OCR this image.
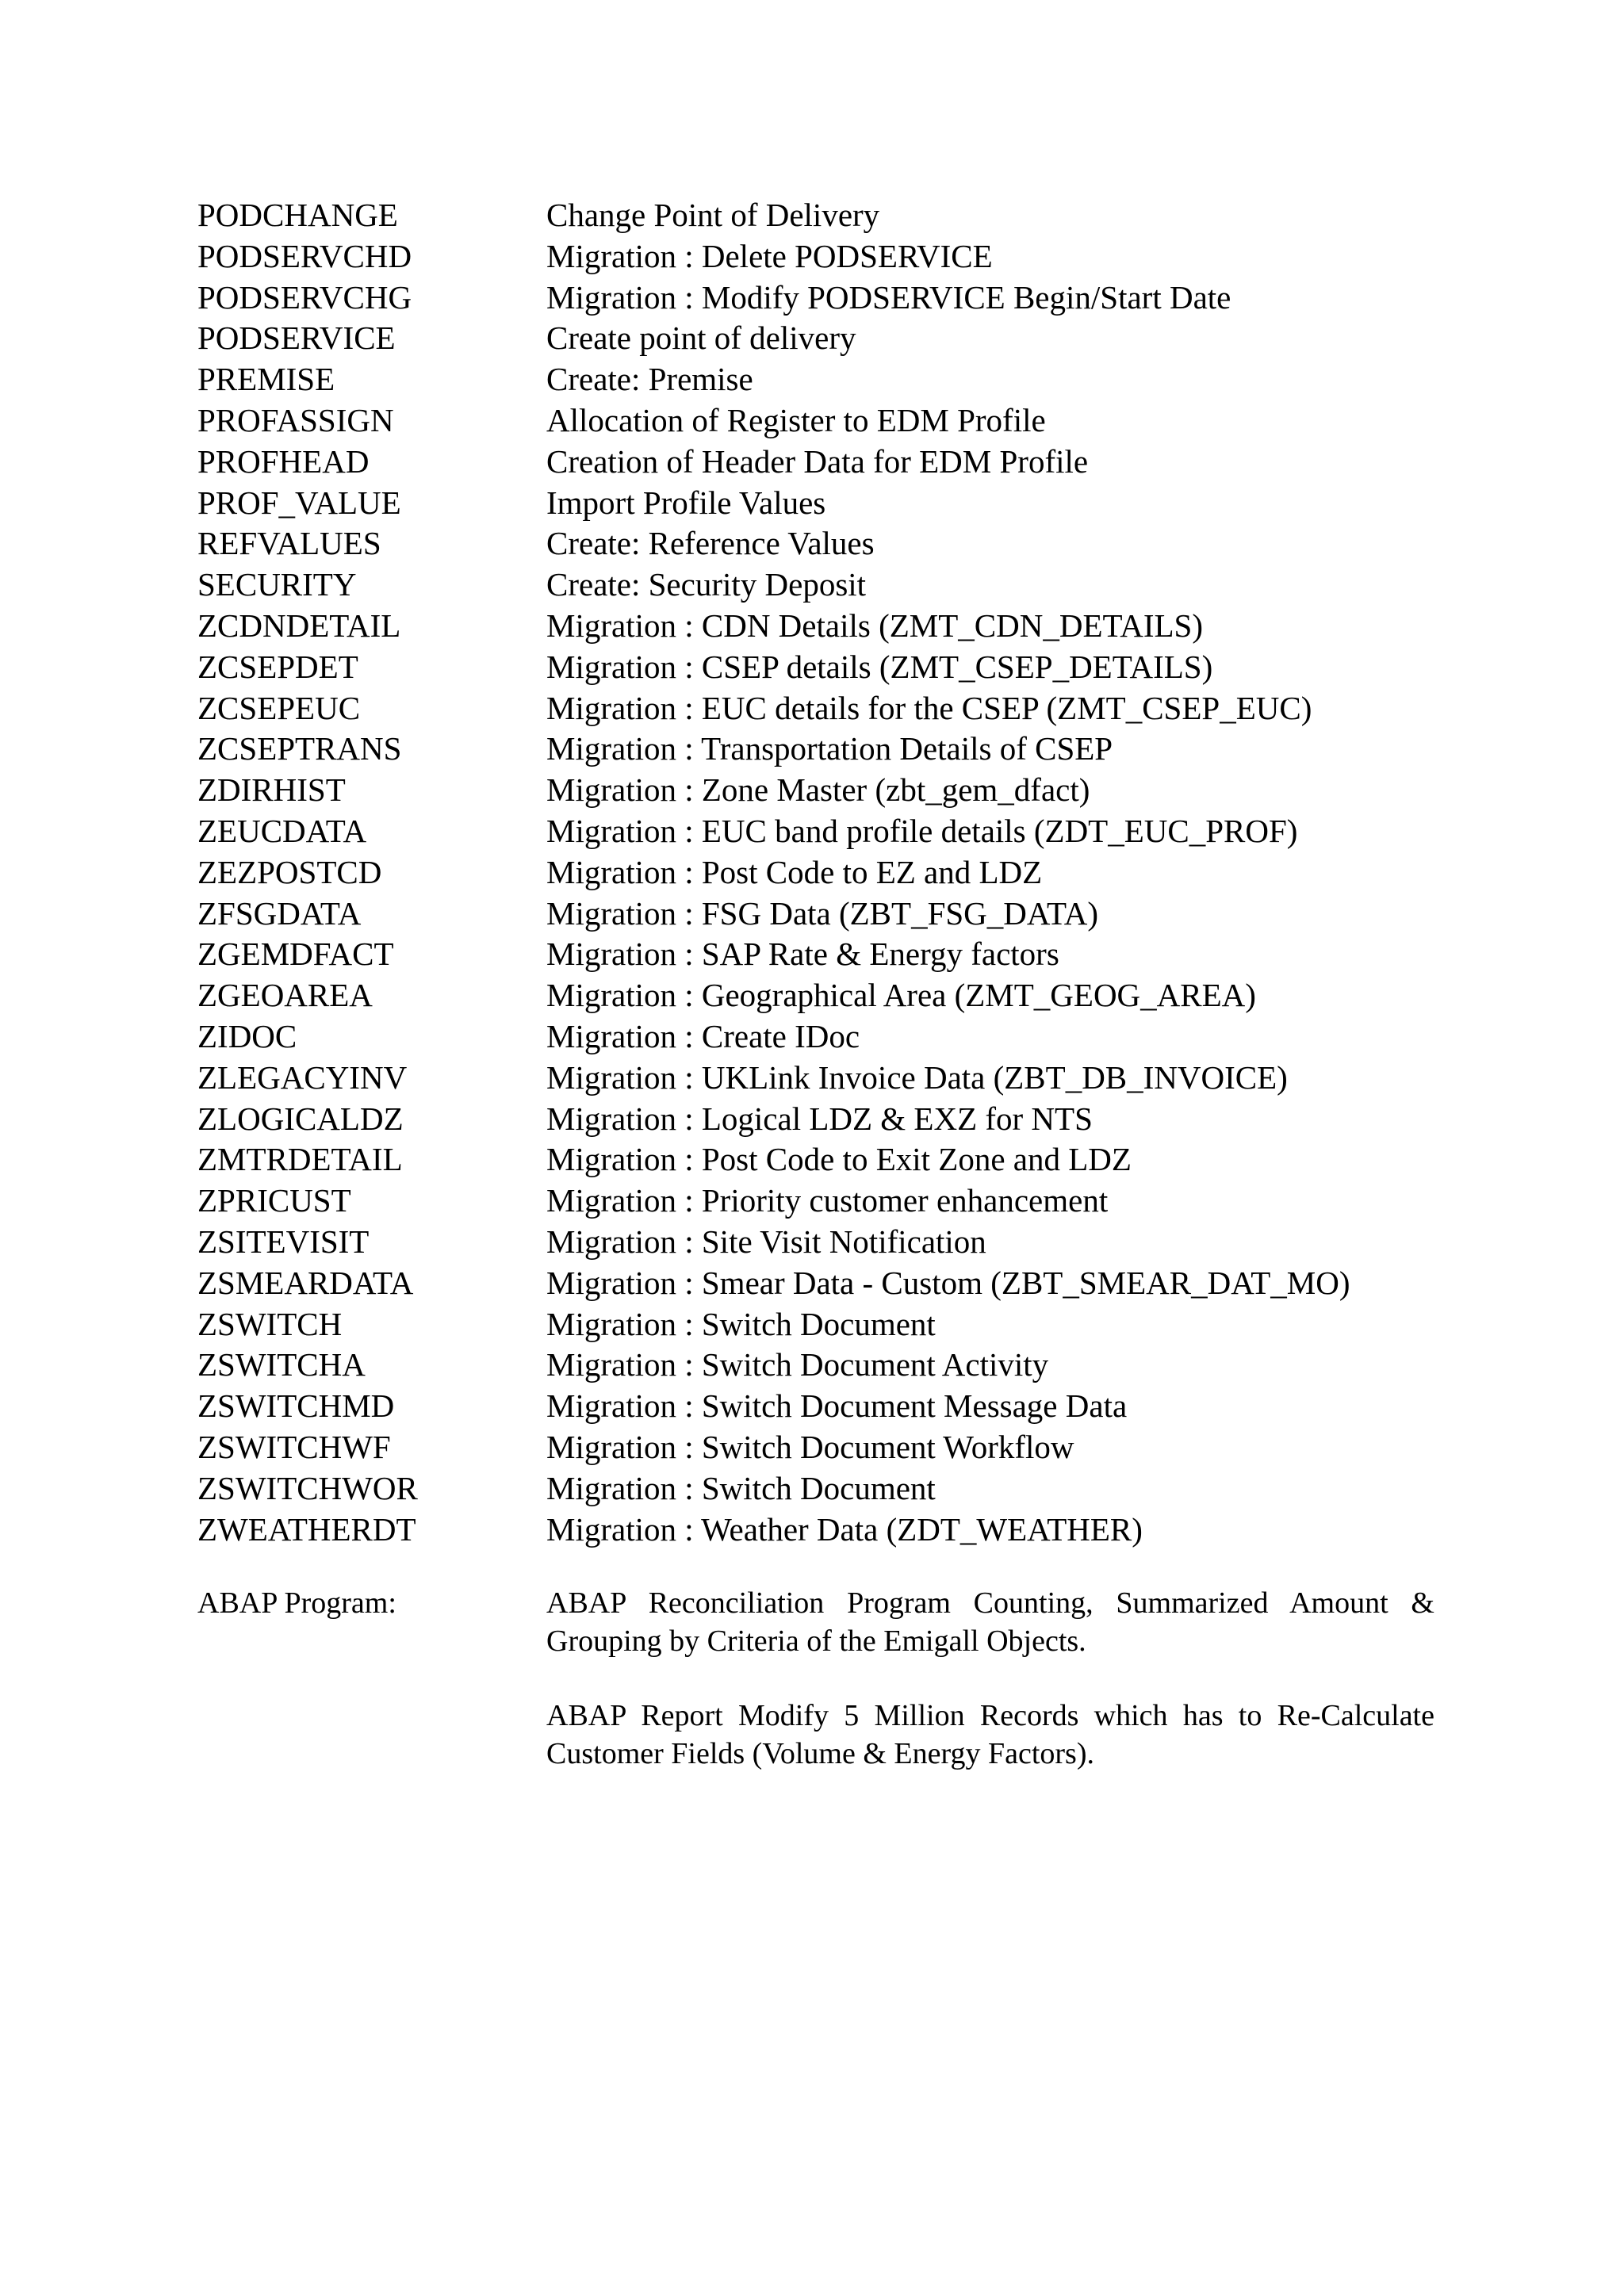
PODCHANGE	Change Point of Delivery
PODSERVCHD	Migration : Delete PODSERVICE
PODSERVCHG	Migration : Modify PODSERVICE Begin/Start Date
PODSERVICE	Create point of delivery
PREMISE	Create: Premise
PROFASSIGN	Allocation of Register to EDM Profile
PROFHEAD	Creation of Header Data for EDM Profile
PROF_VALUE	Import Profile Values
REFVALUES	Create: Reference Values
SECURITY	Create: Security Deposit
ZCDNDETAIL	Migration : CDN Details (ZMT_CDN_DETAILS)
ZCSEPDET	Migration : CSEP details (ZMT_CSEP_DETAILS)
ZCSEPEUC	Migration : EUC details for the CSEP (ZMT_CSEP_EUC)
ZCSEPTRANS	Migration : Transportation Details of CSEP
ZDIRHIST	Migration : Zone Master (zbt_gem_dfact)
ZEUCDATA	Migration : EUC band profile details (ZDT_EUC_PROF)
ZEZPOSTCD	Migration : Post Code to EZ and LDZ
ZFSGDATA	Migration : FSG Data (ZBT_FSG_DATA)
ZGEMDFACT	Migration : SAP Rate & Energy factors
ZGEOAREA	Migration : Geographical Area (ZMT_GEOG_AREA)
ZIDOC	Migration : Create IDoc
ZLEGACYINV	Migration : UKLink Invoice Data (ZBT_DB_INVOICE)
ZLOGICALDZ	Migration : Logical LDZ & EXZ for NTS
ZMTRDETAIL	Migration : Post Code to Exit Zone and LDZ
ZPRICUST	Migration : Priority customer enhancement
ZSITEVISIT	Migration : Site Visit Notification
ZSMEARDATA	Migration : Smear Data - Custom (ZBT_SMEAR_DAT_MO)
ZSWITCH	Migration : Switch Document
ZSWITCHA	Migration : Switch Document Activity
ZSWITCHMD	Migration : Switch Document Message Data
ZSWITCHWF	Migration : Switch Document Workflow
ZSWITCHWOR	Migration : Switch Document
ZWEATHERDT	Migration : Weather Data (ZDT_WEATHER)
ABAP Program:	ABAP Reconciliation Program Counting, Summarized Amount & Grouping by Criteria of the Emigall Objects.

ABAP Report Modify 5 Million Records which has to Re-Calculate Customer Fields (Volume & Energy Factors).
